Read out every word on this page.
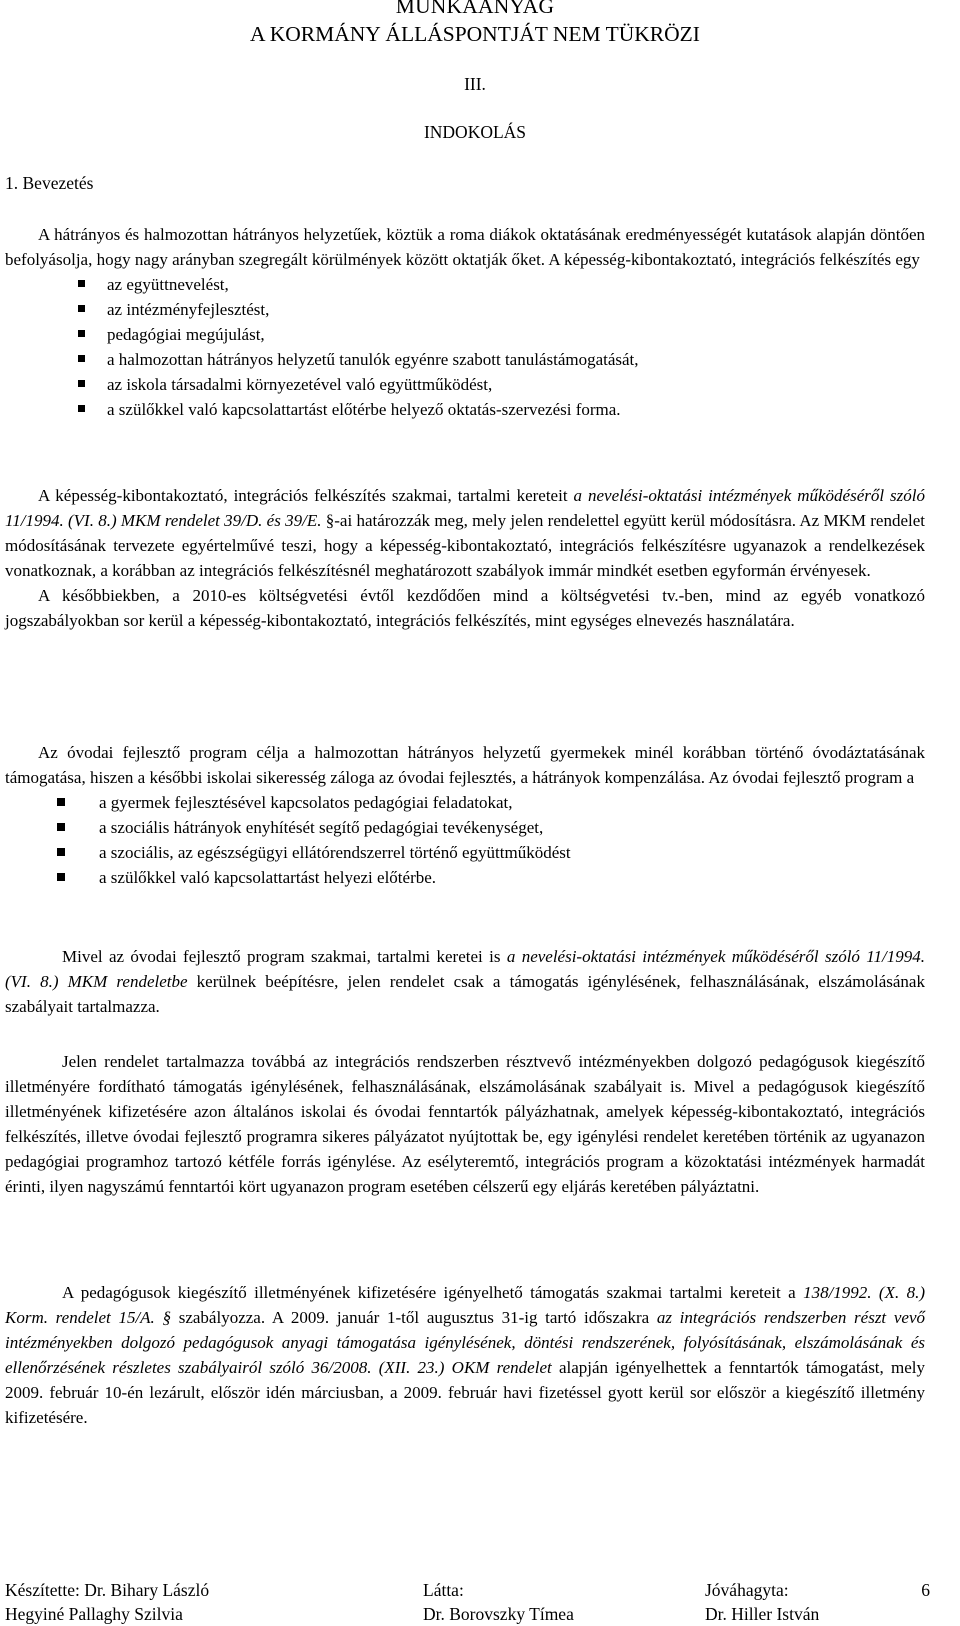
MUNKAANYAG
A KORMÁNY ÁLLÁSPONTJÁT NEM TÜKRÖZI
III.
INDOKOLÁS
1. Bevezetés

A hátrányos és halmozottan hátrányos helyzetűek, köztük a roma diákok oktatásának eredményességét kutatások alapján döntően befolyásolja, hogy nagy arányban szegregált körülmények között oktatják őket. A képesség-kibontakoztató, integrációs felkészítés egy

az együttnevelést,
az intézményfejlesztést,
pedagógiai megújulást,
a halmozottan hátrányos helyzetű tanulók egyénre szabott tanulástámogatását,
az iskola társadalmi környezetével való együttműködést,
a szülőkkel való kapcsolattartást előtérbe helyező oktatás-szervezési forma.

A képesség-kibontakoztató, integrációs felkészítés szakmai, tartalmi kereteit a nevelési-oktatási intézmények működéséről szóló 11/1994. (VI. 8.) MKM rendelet 39/D. és 39/E. §-ai határozzák meg, mely jelen rendelettel együtt kerül módosításra. Az MKM rendelet módosításának tervezete egyértelművé teszi, hogy a képesség-kibontakoztató, integrációs felkészítésre ugyanazok a rendelkezések vonatkoznak, a korábban az integrációs felkészítésnél meghatározott szabályok immár mindkét esetben egyformán érvényesek.

A későbbiekben, a 2010-es költségvetési évtől kezdődően mind a költségvetési tv.-ben, mind az egyéb vonatkozó jogszabályokban sor kerül a képesség-kibontakoztató, integrációs felkészítés, mint egységes elnevezés használatára.

Az óvodai fejlesztő program célja a halmozottan hátrányos helyzetű gyermekek minél korábban történő óvodáztatásának támogatása, hiszen a későbbi iskolai sikeresség záloga az óvodai fejlesztés, a hátrányok kompenzálása. Az óvodai fejlesztő program a

a gyermek fejlesztésével kapcsolatos pedagógiai feladatokat,
a szociális hátrányok enyhítését segítő pedagógiai tevékenységet,
a szociális, az egészségügyi ellátórendszerrel történő együttműködést
a szülőkkel való kapcsolattartást helyezi előtérbe.

Mivel az óvodai fejlesztő program szakmai, tartalmi keretei is a nevelési-oktatási intézmények működéséről szóló 11/1994. (VI. 8.) MKM rendeletbe kerülnek beépítésre, jelen rendelet csak a támogatás igénylésének, felhasználásának, elszámolásának szabályait tartalmazza.

Jelen rendelet tartalmazza továbbá az integrációs rendszerben résztvevő intézményekben dolgozó pedagógusok kiegészítő illetményére fordítható támogatás igénylésének, felhasználásának, elszámolásának szabályait is. Mivel a pedagógusok kiegészítő illetményének kifizetésére azon általános iskolai és óvodai fenntartók pályázhatnak, amelyek képesség-kibontakoztató, integrációs felkészítés, illetve óvodai fejlesztő programra sikeres pályázatot nyújtottak be, egy igénylési rendelet keretében történik az ugyanazon pedagógiai programhoz tartozó kétféle forrás igénylése. Az esélyteremtő, integrációs program a közoktatási intézmények harmadát érinti, ilyen nagyszámú fenntartói kört ugyanazon program esetében célszerű egy eljárás keretében pályáztatni.

A pedagógusok kiegészítő illetményének kifizetésére igényelhető támogatás szakmai tartalmi kereteit a 138/1992. (X. 8.) Korm. rendelet 15/A. § szabályozza. A 2009. január 1-től augusztus 31-ig tartó időszakra az integrációs rendszerben részt vevő intézményekben dolgozó pedagógusok anyagi támogatása igénylésének, döntési rendszerének, folyósításának, elszámolásának és ellenőrzésének részletes szabályairól szóló 36/2008. (XII. 23.) OKM rendelet alapján igényelhettek a fenntartók támogatást, mely 2009. február 10-én lezárult, először idén márciusban, a 2009. február havi fizetéssel gyott kerül sor először a kiegészítő illetmény kifizetésére.

Készítette: Dr. Bihary László
Hegyiné Pallaghy Szilvia
Látta:
Dr. Borovszky Tímea
Jóváhagyta:
Dr. Hiller István
6
